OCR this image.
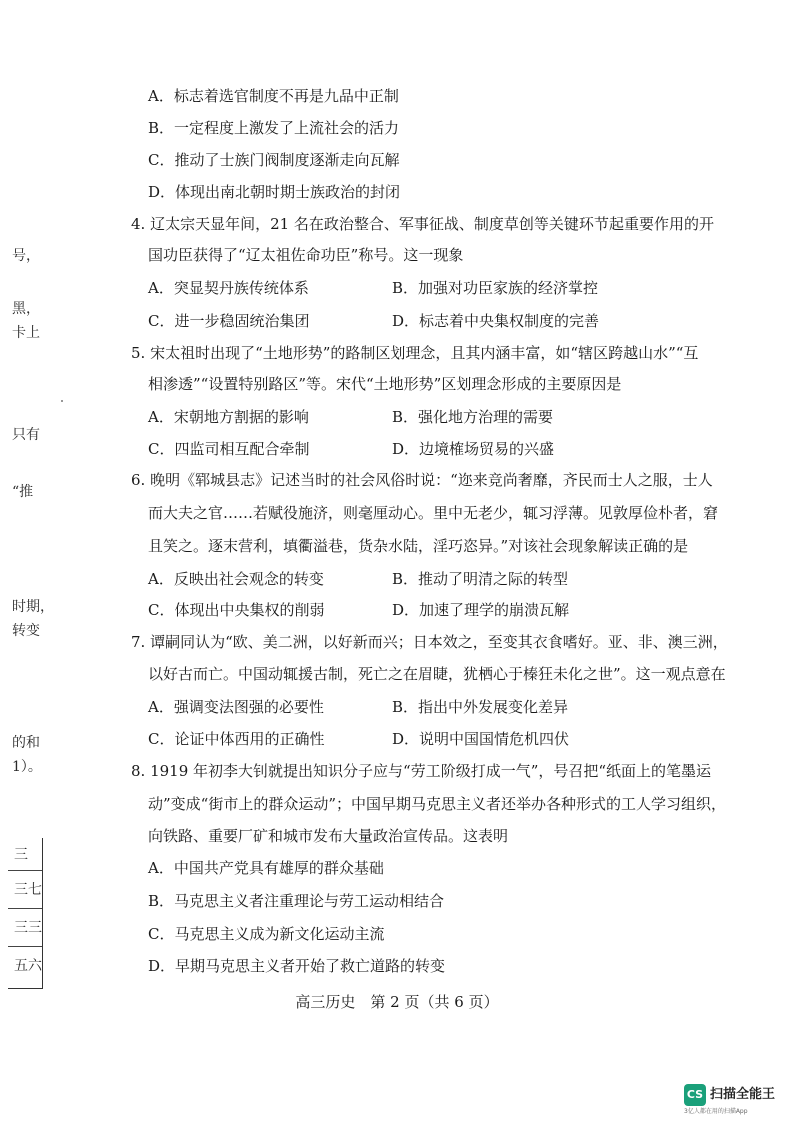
A．标志着选官制度不再是九品中正制
B．一定程度上激发了上流社会的活力
C．推动了士族门阀制度逐渐走向瓦解
D．体现出南北朝时期士族政治的封闭
4. 辽太宗天显年间，21 名在政治整合、军事征战、制度草创等关键环节起重要作用的开
国功臣获得了“辽太祖佐命功臣”称号。这一现象
A．突显契丹族传统体系	B．加强对功臣家族的经济掌控
C．进一步稳固统治集团	D．标志着中央集权制度的完善
5. 宋太祖时出现了“土地形势”的路制区划理念，且其内涵丰富，如“辖区跨越山水”“互
相渗透”“设置特别路区”等。宋代“土地形势”区划理念形成的主要原因是
A．宋朝地方割据的影响	B．强化地方治理的需要
C．四监司相互配合牵制	D．边境榷场贸易的兴盛
6. 晚明《郓城县志》记述当时的社会风俗时说：“迩来竞尚奢靡，齐民而士人之服，士人
而大夫之官……若赋役施济，则毫厘动心。里中无老少，辄习浮薄。见敦厚俭朴者，窘
且笑之。逐末营利，填衢溢巷，货杂水陆，淫巧恣异。”对该社会现象解读正确的是
A．反映出社会观念的转变	B．推动了明清之际的转型
C．体现出中央集权的削弱	D．加速了理学的崩溃瓦解
7. 谭嗣同认为“欧、美二洲，以好新而兴；日本效之，至变其衣食嗜好。亚、非、澳三洲，
以好古而亡。中国动辄援古制，死亡之在眉睫，犹栖心于榛狂未化之世”。这一观点意在
A．强调变法图强的必要性	B．指出中外发展变化差异
C．论证中体西用的正确性	D．说明中国国情危机四伏
8. 1919 年初李大钊就提出知识分子应与“劳工阶级打成一气”，号召把“纸面上的笔墨运
动”变成“街市上的群众运动”；中国早期马克思主义者还举办各种形式的工人学习组织，
向铁路、重要厂矿和城市发布大量政治宣传品。这表明
A．中国共产党具有雄厚的群众基础
B．马克思主义者注重理论与劳工运动相结合
C．马克思主义成为新文化运动主流
D．早期马克思主义者开始了救亡道路的转变
号，
黑，
卡上
只有
“推
时期，
转变
的和
1）。
三
三七
三三
五六
高三历史　第 2 页（共 6 页）
CS 扫描全能王
3亿人都在用的扫描App
